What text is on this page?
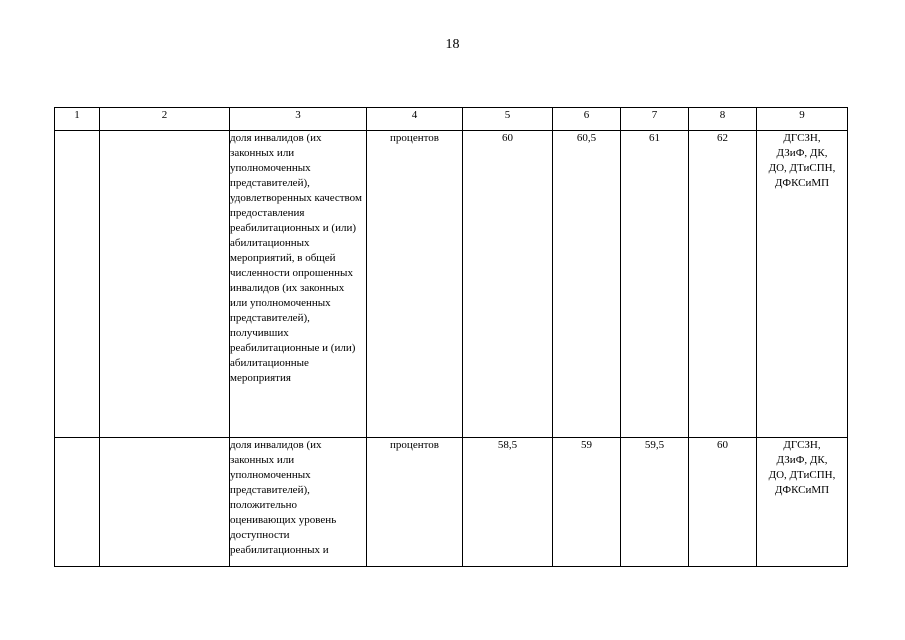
18
1	2	3	4	5	6	7	8	9

		доля инвалидов (их законных или уполномоченных представителей), удовлетворенных качеством предоставления реабилитационных и (или) абилитационных мероприятий, в общей численности опрошенных инвалидов (их законных или уполномоченных представителей), получивших реабилитационные и (или) абилитационные мероприятия	процентов	60	60,5	61	62	ДГСЗН, ДЗиФ, ДК, ДО, ДТиСПН, ДФКСиМП

		доля инвалидов (их законных или уполномоченных представителей), положительно оценивающих уровень доступности реабилитационных и	процентов	58,5	59	59,5	60	ДГСЗН, ДЗиФ, ДК, ДО, ДТиСПН, ДФКСиМП
